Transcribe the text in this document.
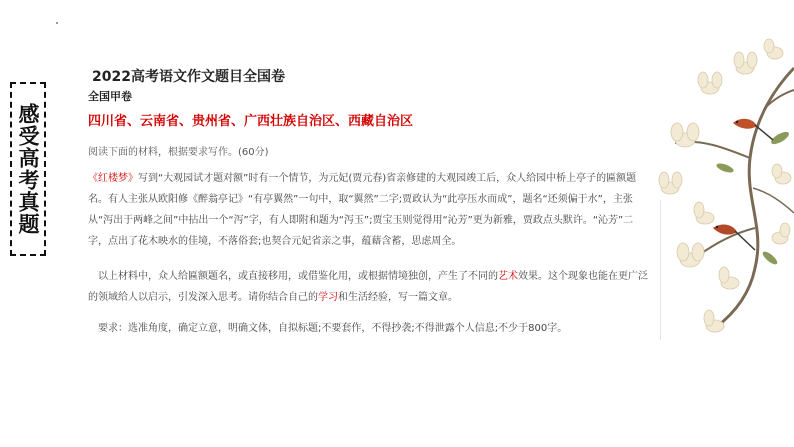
感受高考真题
2022高考语文作文题目全国卷
全国甲卷
四川省、云南省、贵州省、广西壮族自治区、西藏自治区
阅读下面的材料，根据要求写作。(60分)

《红楼梦》写到“大观园试才题对额”时有一个情节，为元妃(贾元春)省亲修建的大观园竣工后，众人给园中桥上亭子的匾额题名。有人主张从欧阳修《醉翁亭记》“有亭翼然”一句中，取“翼然”二字;贾政认为“此亭压水而成”，题名“还须偏于水”，主张从“泻出于两峰之间”中拈出一个“泻”字，有人即附和题为“泻玉”;贾宝玉则觉得用“沁芳”更为新雅，贾政点头默许。“沁芳”二字，点出了花木映水的佳境，不落俗套;也契合元妃省亲之事，蕴藉含蓄，思虑周全。

　以上材料中，众人给匾额题名，或直接移用，或借鉴化用，或根据情境独创，产生了不同的艺术效果。这个现象也能在更广泛的领域给人以启示，引发深入思考。请你结合自己的学习和生活经验，写一篇文章。

　要求：选准角度，确定立意，明确文体，自拟标题;不要套作，不得抄袭;不得泄露个人信息;不少于800字。
